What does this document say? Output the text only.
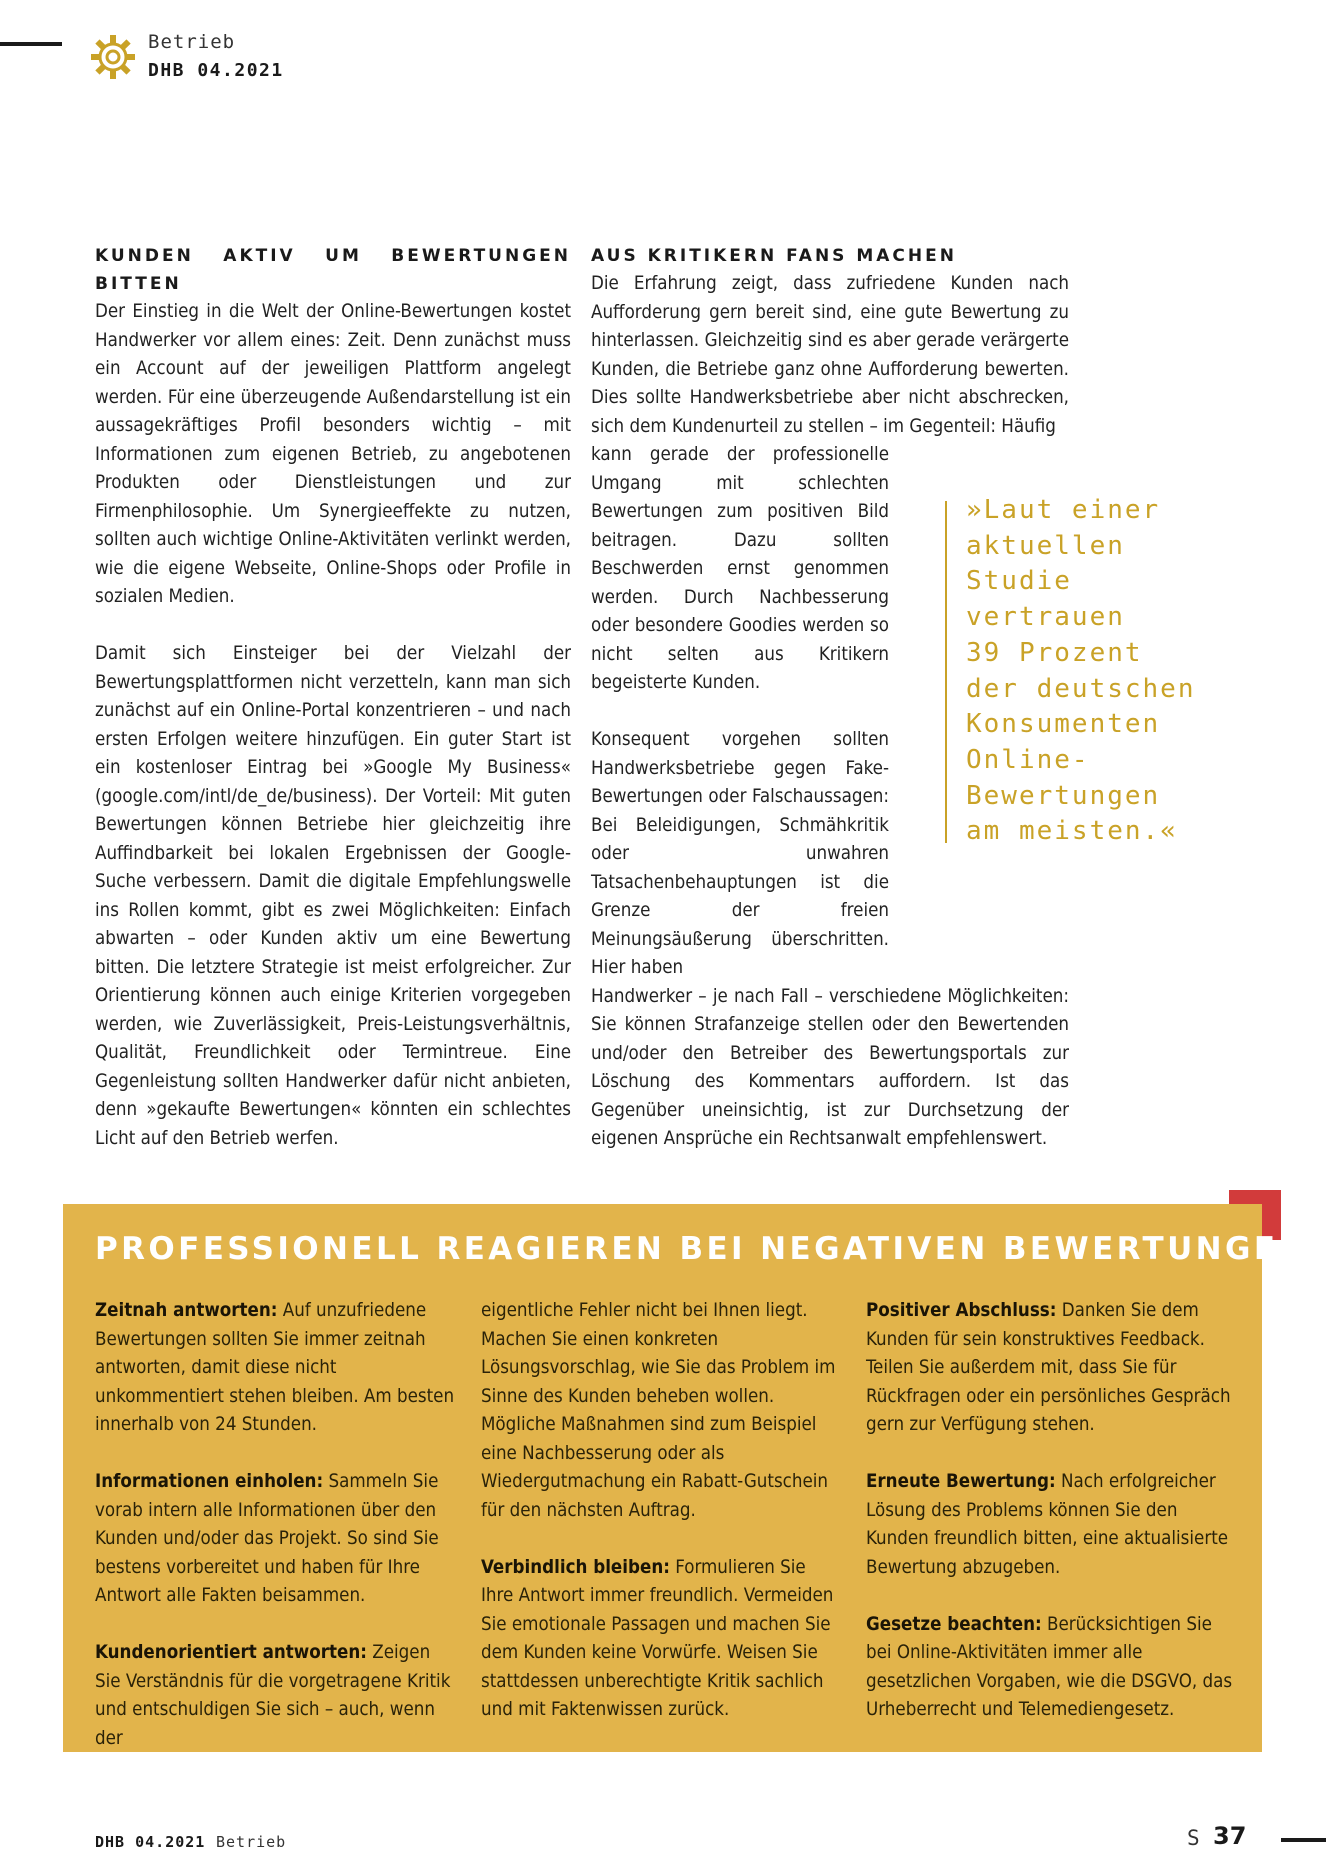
Betrieb
DHB 04.2021
KUNDEN AKTIV UM BEWERTUNGEN BITTEN

Der Einstieg in die Welt der Online-Bewertungen kostet Handwerker vor allem eines: Zeit. Denn zunächst muss ein Account auf der jeweiligen Plattform angelegt werden. Für eine überzeugende Außendarstellung ist ein aussagekräftiges Profil besonders wichtig – mit Informationen zum eigenen Betrieb, zu angebotenen Produkten oder Dienstleistungen und zur Firmenphilosophie. Um Synergieeffekte zu nutzen, sollten auch wichtige Online-Aktivitäten verlinkt werden, wie die eigene Webseite, Online-Shops oder Profile in sozialen Medien.

Damit sich Einsteiger bei der Vielzahl der Bewertungsplattformen nicht verzetteln, kann man sich zunächst auf ein Online-Portal konzentrieren – und nach ersten Erfolgen weitere hinzufügen. Ein guter Start ist ein kostenloser Eintrag bei »Google My Business« (google.com/intl/de_de/business). Der Vorteil: Mit guten Bewertungen können Betriebe hier gleichzeitig ihre Auffindbarkeit bei lokalen Ergebnissen der Google-Suche verbessern. Damit die digitale Empfehlungswelle ins Rollen kommt, gibt es zwei Möglichkeiten: Einfach abwarten – oder Kunden aktiv um eine Bewertung bitten. Die letztere Strategie ist meist erfolgreicher. Zur Orientierung können auch einige Kriterien vorgegeben werden, wie Zuverlässigkeit, Preis-Leistungsverhältnis, Qualität, Freundlichkeit oder Termintreue. Eine Gegenleistung sollten Handwerker dafür nicht anbieten, denn »gekaufte Bewertungen« könnten ein schlechtes Licht auf den Betrieb werfen.

AUS KRITIKERN FANS MACHEN

Die Erfahrung zeigt, dass zufriedene Kunden nach Aufforderung gern bereit sind, eine gute Bewertung zu hinterlassen. Gleichzeitig sind es aber gerade verärgerte Kunden, die Betriebe ganz ohne Aufforderung bewerten. Dies sollte Handwerksbetriebe aber nicht abschrecken, sich dem Kundenurteil zu stellen – im Gegenteil: Häufig
kann gerade der professionelle Umgang mit schlechten Bewertungen zum positiven Bild beitragen. Dazu sollten Beschwerden ernst genommen werden. Durch Nachbesserung oder besondere Goodies werden so nicht selten aus Kritikern begeisterte Kunden.

Konsequent vorgehen sollten Handwerksbetriebe gegen Fake-Bewertungen oder Falschaussagen: Bei Beleidigungen, Schmähkritik oder unwahren Tatsachenbehauptungen ist die Grenze der freien Meinungsäußerung überschritten. Hier haben
Handwerker – je nach Fall – verschiedene Möglichkeiten: Sie können Strafanzeige stellen oder den Bewertenden und/oder den Betreiber des Bewertungsportals zur Löschung des Kommentars auffordern. Ist das Gegenüber uneinsichtig, ist zur Durchsetzung der eigenen Ansprüche ein Rechtsanwalt empfehlenswert.

»Laut einer
aktuellen
Studie
vertrauen
39 Prozent
der deutschen
Konsumenten
Online-
Bewertungen
am meisten.«
PROFESSIONELL REAGIEREN BEI NEGATIVEN BEWERTUNGEN

Zeitnah antworten: Auf unzufriedene Bewertungen sollten Sie immer zeitnah antworten, damit diese nicht unkommentiert stehen bleiben. Am besten innerhalb von 24 Stunden.

Informationen einholen: Sammeln Sie vorab intern alle Informationen über den Kunden und/oder das Projekt. So sind Sie bestens vorbereitet und haben für Ihre Antwort alle Fakten beisammen.

Kundenorientiert antworten: Zeigen Sie Verständnis für die vorgetragene Kritik und entschuldigen Sie sich – auch, wenn der

eigentliche Fehler nicht bei Ihnen liegt. Machen Sie einen konkreten Lösungsvorschlag, wie Sie das Problem im Sinne des Kunden beheben wollen. Mögliche Maßnahmen sind zum Beispiel eine Nachbesserung oder als Wiedergutmachung ein Rabatt-Gutschein für den nächsten Auftrag.

Verbindlich bleiben: Formulieren Sie Ihre Antwort immer freundlich. Vermeiden Sie emotionale Passagen und machen Sie dem Kunden keine Vorwürfe. Weisen Sie stattdessen unberechtigte Kritik sachlich und mit Faktenwissen zurück.

Positiver Abschluss: Danken Sie dem Kunden für sein konstruktives Feedback. Teilen Sie außerdem mit, dass Sie für Rückfragen oder ein persönliches Gespräch gern zur Verfügung stehen.

Erneute Bewertung: Nach erfolgreicher Lösung des Problems können Sie den Kunden freundlich bitten, eine aktualisierte Bewertung abzugeben.

Gesetze beachten: Berücksichtigen Sie bei Online-Aktivitäten immer alle gesetzlichen Vorgaben, wie die DSGVO, das Urheberrecht und Telemediengesetz.

DHB 04.2021 Betrieb	S 37
